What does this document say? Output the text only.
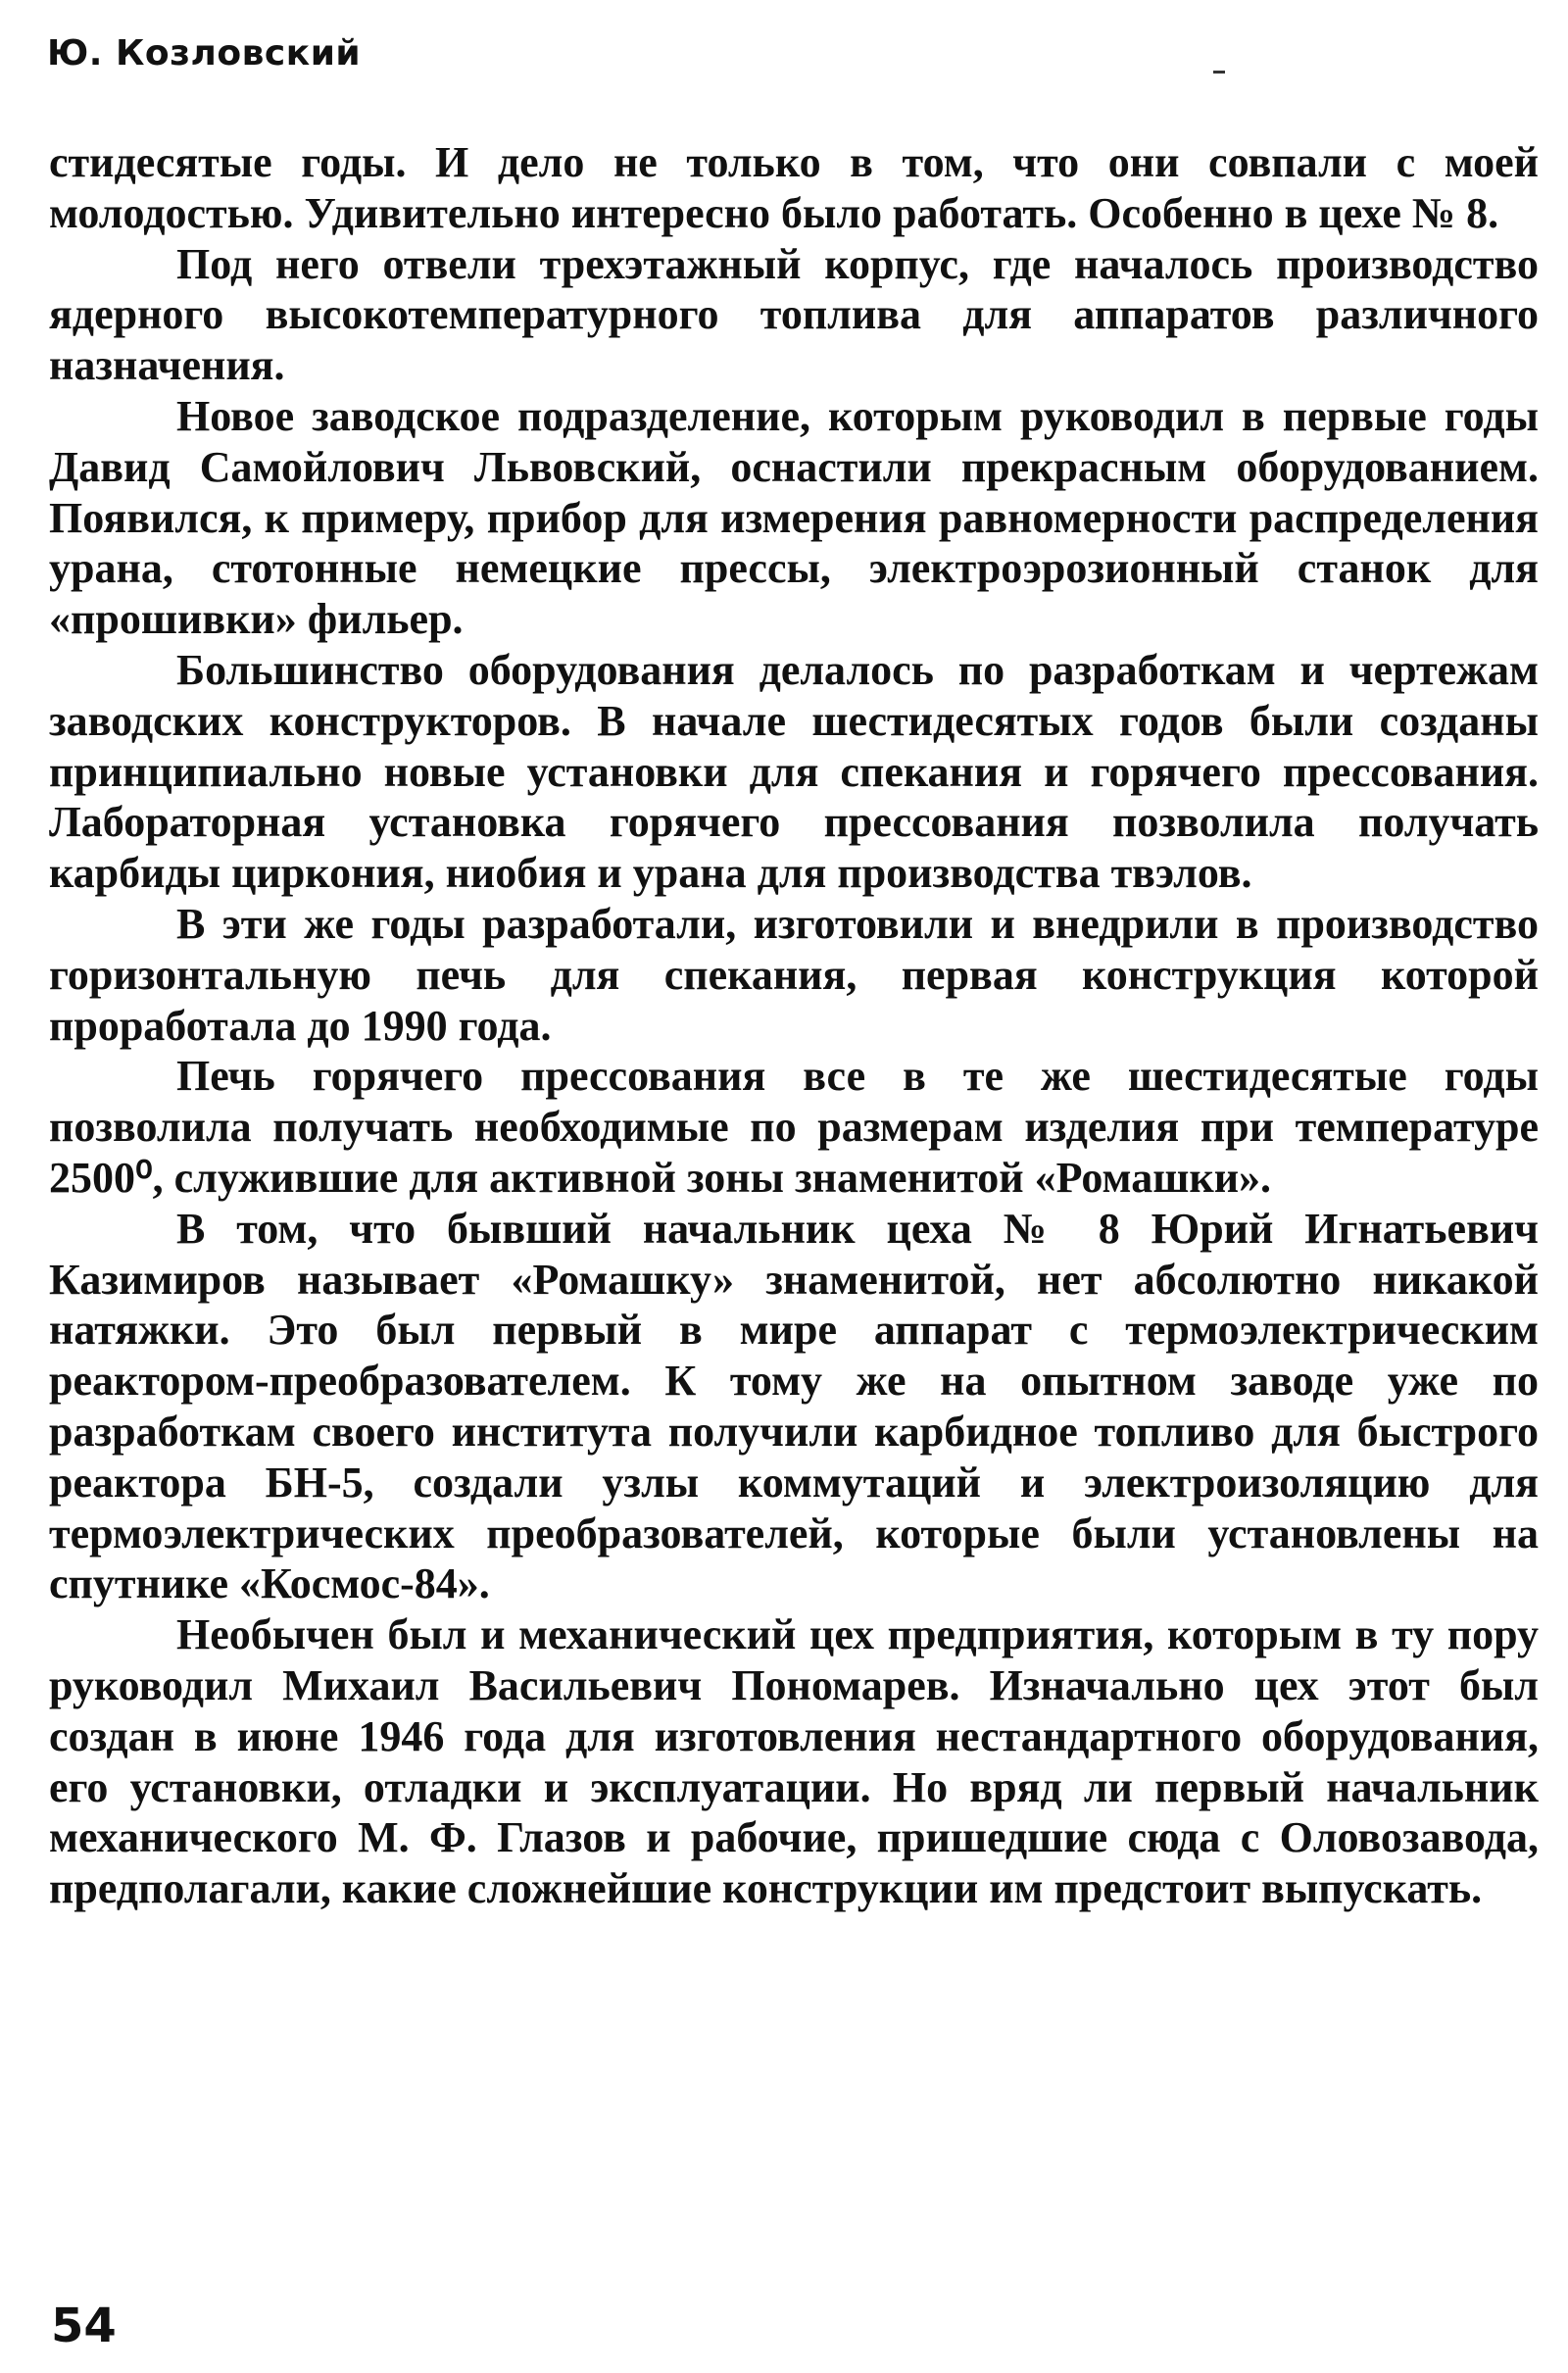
Ю. Козловский

стидесятые годы. И дело не только в том, что они совпали с моей молодостью. Удивительно интересно было работать. Особенно в цехе № 8.

Под него отвели трехэтажный корпус, где началось производство ядерного высокотемпературного топлива для аппаратов различного назначения.

Новое заводское подразделение, которым руководил в первые годы Давид Самойлович Львовский, оснастили прекрасным оборудованием. Появился, к примеру, прибор для измерения равномерности распределения урана, стотонные немецкие прессы, электроэрозионный станок для «прошивки» фильер.

Большинство оборудования делалось по разработкам и чертежам заводских конструкторов. В начале шестидесятых годов были созданы принципиально новые установки для спекания и горячего прессования. Лабораторная установка горячего прессования позволила получать карбиды циркония, ниобия и урана для производства твэлов.

В эти же годы разработали, изготовили и внедрили в производство горизонтальную печь для спекания, первая конструкция которой проработала до 1990 года.

Печь горячего прессования все в те же шестидесятые годы позволила получать необходимые по размерам изделия при температуре 2500⁰, служившие для активной зоны знаменитой «Ромашки».

В том, что бывший начальник цеха № 8 Юрий Игнатьевич Казимиров называет «Ромашку» знаменитой, нет абсолютно никакой натяжки. Это был первый в мире аппарат с термоэлектрическим реактором-преобразователем. К тому же на опытном заводе уже по разработкам своего института получили карбидное топливо для быстрого реактора БН-5, создали узлы коммутаций и электроизоляцию для термоэлектрических преобразователей, которые были установлены на спутнике «Космос-84».

Необычен был и механический цех предприятия, которым в ту пору руководил Михаил Васильевич Пономарев. Изначально цех этот был создан в июне 1946 года для изготовления нестандартного оборудования, его установки, отладки и эксплуатации. Но вряд ли первый начальник механического М. Ф. Глазов и рабочие, пришедшие сюда с Оловозавода, предполагали, какие сложнейшие конструкции им предстоит выпускать.

54
